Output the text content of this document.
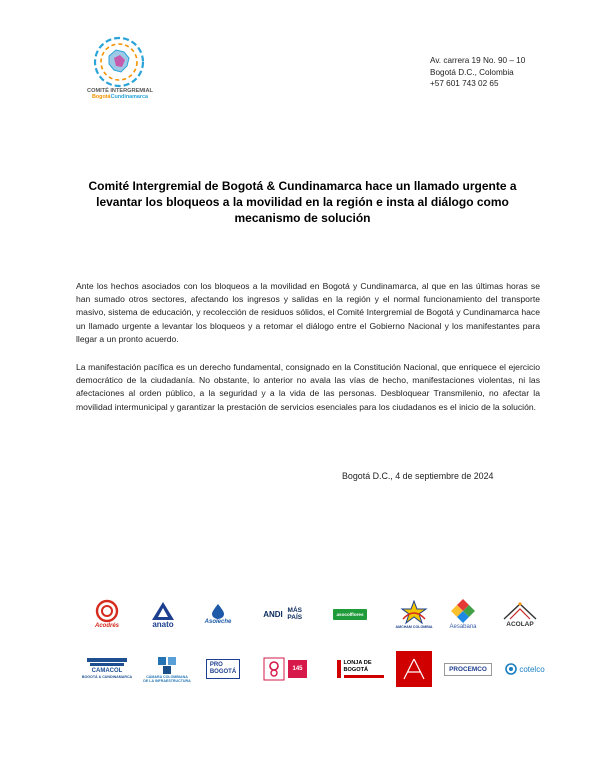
COMITÉ INTERGREMIAL
BogotáCundinamarca
Av. carrera 19 No. 90 – 10
Bogotá D.C., Colombia
+57 601 743 02 65
Comité Intergremial de Bogotá & Cundinamarca hace un llamado urgente a levantar los bloqueos a la movilidad en la región e insta al diálogo como mecanismo de solución
Ante los hechos asociados con los bloqueos a la movilidad en Bogotá y Cundinamarca, al que en las últimas horas se han sumado otros sectores, afectando los ingresos y salidas en la región y el normal funcionamiento del transporte masivo, sistema de educación, y recolección de residuos sólidos, el Comité Intergremial de Bogotá y Cundinamarca hace un llamado urgente a levantar los bloqueos y a retomar el diálogo entre el Gobierno Nacional y los manifestantes para llegar a un pronto acuerdo.
La manifestación pacífica es un derecho fundamental, consignado en la Constitución Nacional, que enriquece el ejercicio democrático de la ciudadanía. No obstante, lo anterior no avala las vías de hecho, manifestaciones violentas, ni las afectaciones al orden público, a la seguridad y a la vida de las personas. Desbloquear Transmilenio, no afectar la movilidad intermunicipal y garantizar la prestación de servicios esenciales para los ciudadanos es el inicio de la solución.
Bogotá D.C., 4 de septiembre de 2024
Acodrés	anato	Asoleche
ANDI MÁS PAÍS	asocolflores
AMCHAM COLOMBIA	Aesabana	ACOLAP
CAMACOL
BOGOTÁ & CUNDINAMARCA	CÁMARA COLOMBIANA
DE LA INFRAESTRUCTURA
PRO
BOGOTÁ	145
LONJA DE BOGOTÁ	PROCEMCO	cotelco
